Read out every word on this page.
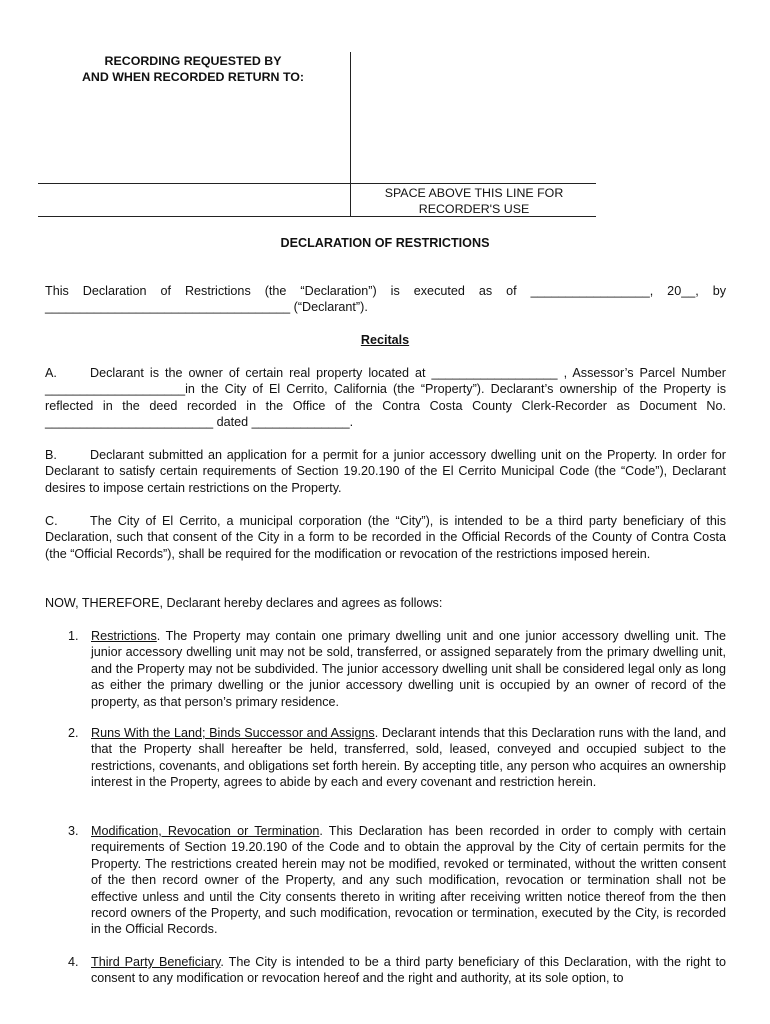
RECORDING REQUESTED BY
AND WHEN RECORDED RETURN TO:
SPACE ABOVE THIS LINE FOR
RECORDER'S USE
DECLARATION OF RESTRICTIONS

This Declaration of Restrictions (the “Declaration”) is executed as of _________________, 20__, by ___________________________________ (“Declarant”).

Recitals

A.	Declarant is the owner of certain real property located at __________________ , Assessor’s Parcel Number ____________________in the City of El Cerrito, California (the “Property”). Declarant’s ownership of the Property is reflected in the deed recorded in the Office of the Contra Costa County Clerk-Recorder as Document No. ________________________ dated ______________.

B.	Declarant submitted an application for a permit for a junior accessory dwelling unit on the Property. In order for Declarant to satisfy certain requirements of Section 19.20.190 of the El Cerrito Municipal Code (the “Code”), Declarant desires to impose certain restrictions on the Property.

C.	The City of El Cerrito, a municipal corporation (the “City”), is intended to be a third party beneficiary of this Declaration, such that consent of the City in a form to be recorded in the Official Records of the County of Contra Costa (the “Official Records”), shall be required for the modification or revocation of the restrictions imposed herein.

NOW, THEREFORE, Declarant hereby declares and agrees as follows:

1. Restrictions. The Property may contain one primary dwelling unit and one junior accessory dwelling unit. The junior accessory dwelling unit may not be sold, transferred, or assigned separately from the primary dwelling unit, and the Property may not be subdivided. The junior accessory dwelling unit shall be considered legal only as long as either the primary dwelling or the junior accessory dwelling unit is occupied by an owner of record of the property, as that person’s primary residence.
2. Runs With the Land; Binds Successor and Assigns. Declarant intends that this Declaration runs with the land, and that the Property shall hereafter be held, transferred, sold, leased, conveyed and occupied subject to the restrictions, covenants, and obligations set forth herein. By accepting title, any person who acquires an ownership interest in the Property, agrees to abide by each and every covenant and restriction herein.
3. Modification, Revocation or Termination. This Declaration has been recorded in order to comply with certain requirements of Section 19.20.190 of the Code and to obtain the approval by the City of certain permits for the Property. The restrictions created herein may not be modified, revoked or terminated, without the written consent of the then record owner of the Property, and any such modification, revocation or termination shall not be effective unless and until the City consents thereto in writing after receiving written notice thereof from the then record owners of the Property, and such modification, revocation or termination, executed by the City, is recorded in the Official Records.
4. Third Party Beneficiary. The City is intended to be a third party beneficiary of this Declaration, with the right to consent to any modification or revocation hereof and the right and authority, at its sole option, to
